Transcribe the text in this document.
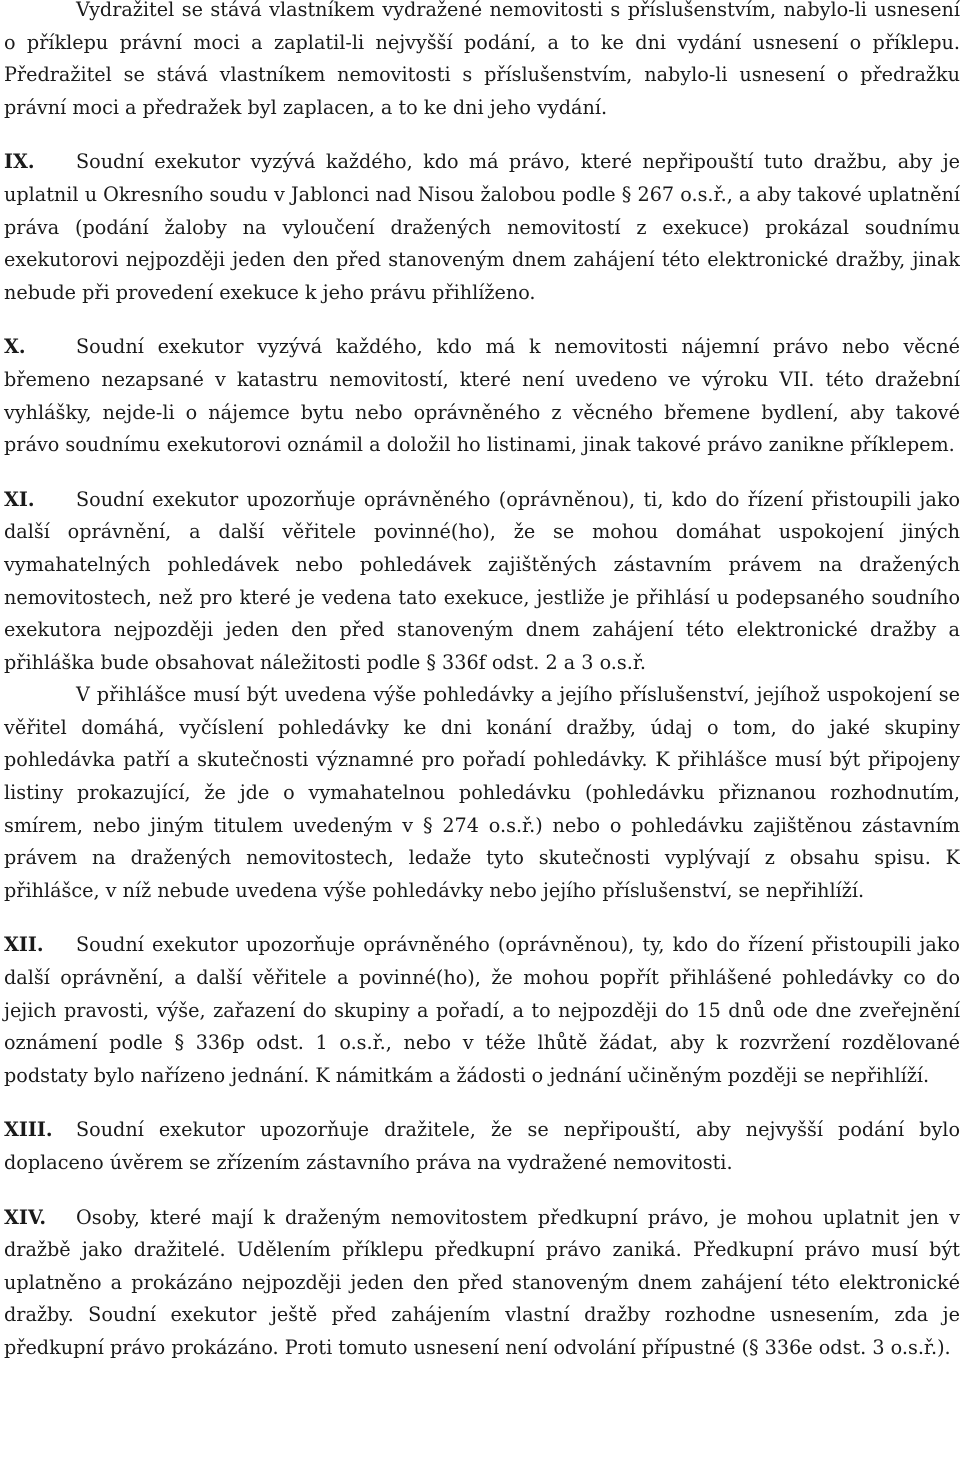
Vydražitel se stává vlastníkem vydražené nemovitosti s příslušenstvím, nabylo-li usnesení o příklepu právní moci a zaplatil-li nejvyšší podání, a to ke dni vydání usnesení o příklepu. Předražitel se stává vlastníkem nemovitosti s příslušenstvím, nabylo-li usnesení o předražku právní moci a předražek byl zaplacen, a to ke dni jeho vydání.

IX. Soudní exekutor vyzývá každého, kdo má právo, které nepřipouští tuto dražbu, aby je uplatnil u Okresního soudu v Jablonci nad Nisou žalobou podle § 267 o.s.ř., a aby takové uplatnění práva (podání žaloby na vyloučení dražených nemovitostí z exekuce) prokázal soudnímu exekutorovi nejpozději jeden den před stanoveným dnem zahájení této elektronické dražby, jinak nebude při provedení exekuce k jeho právu přihlíženo.

X.	Soudní exekutor vyzývá každého, kdo má k nemovitosti nájemní právo nebo věcné břemeno nezapsané v katastru nemovitostí, které není uvedeno ve výroku VII. této dražební vyhlášky, nejde-li o nájemce bytu nebo oprávněného z věcného břemene bydlení, aby takové právo soudnímu exekutorovi oznámil a doložil ho listinami, jinak takové právo zanikne příklepem.

XI. Soudní exekutor upozorňuje oprávněného (oprávněnou), ti, kdo do řízení přistoupili jako další oprávnění, a další věřitele povinné(ho), že se mohou domáhat uspokojení jiných vymahatelných pohledávek nebo pohledávek zajištěných zástavním právem na dražených nemovitostech, než pro které je vedena tato exekuce, jestliže je přihlásí u podepsaného soudního exekutora nejpozději jeden den před stanoveným dnem zahájení této elektronické dražby a přihláška bude obsahovat náležitosti podle § 336f odst. 2 a 3 o.s.ř.

V přihlášce musí být uvedena výše pohledávky a jejího příslušenství, jejíhož uspokojení se věřitel domáhá, vyčíslení pohledávky ke dni konání dražby, údaj o tom, do jaké skupiny pohledávka patří a skutečnosti významné pro pořadí pohledávky. K přihlášce musí být připojeny listiny prokazující, že jde o vymahatelnou pohledávku (pohledávku přiznanou rozhodnutím, smírem, nebo jiným titulem uvedeným v § 274 o.s.ř.) nebo o pohledávku zajištěnou zástavním právem na dražených nemovitostech, ledaže tyto skutečnosti vyplývají z obsahu spisu. K přihlášce, v níž nebude uvedena výše pohledávky nebo jejího příslušenství, se nepřihlíží.

XII. Soudní exekutor upozorňuje oprávněného (oprávněnou), ty, kdo do řízení přistoupili jako další oprávnění, a další věřitele a povinné(ho), že mohou popřít přihlášené pohledávky co do jejich pravosti, výše, zařazení do skupiny a pořadí, a to nejpozději do 15 dnů ode dne zveřejnění oznámení podle § 336p odst. 1 o.s.ř., nebo v téže lhůtě žádat, aby k rozvržení rozdělované podstaty bylo nařízeno jednání. K námitkám a žádosti o jednání učiněným později se nepřihlíží.

XIII. Soudní exekutor upozorňuje dražitele, že se nepřipouští, aby nejvyšší podání bylo doplaceno úvěrem se zřízením zástavního práva na vydražené nemovitosti.

XIV. Osoby, které mají k draženým nemovitostem předkupní právo, je mohou uplatnit jen v dražbě jako dražitelé. Udělením příklepu předkupní právo zaniká. Předkupní právo musí být uplatněno a prokázáno nejpozději jeden den před stanoveným dnem zahájení této elektronické dražby. Soudní exekutor ještě před zahájením vlastní dražby rozhodne usnesením, zda je předkupní právo prokázáno. Proti tomuto usnesení není odvolání přípustné (§ 336e odst. 3 o.s.ř.).
